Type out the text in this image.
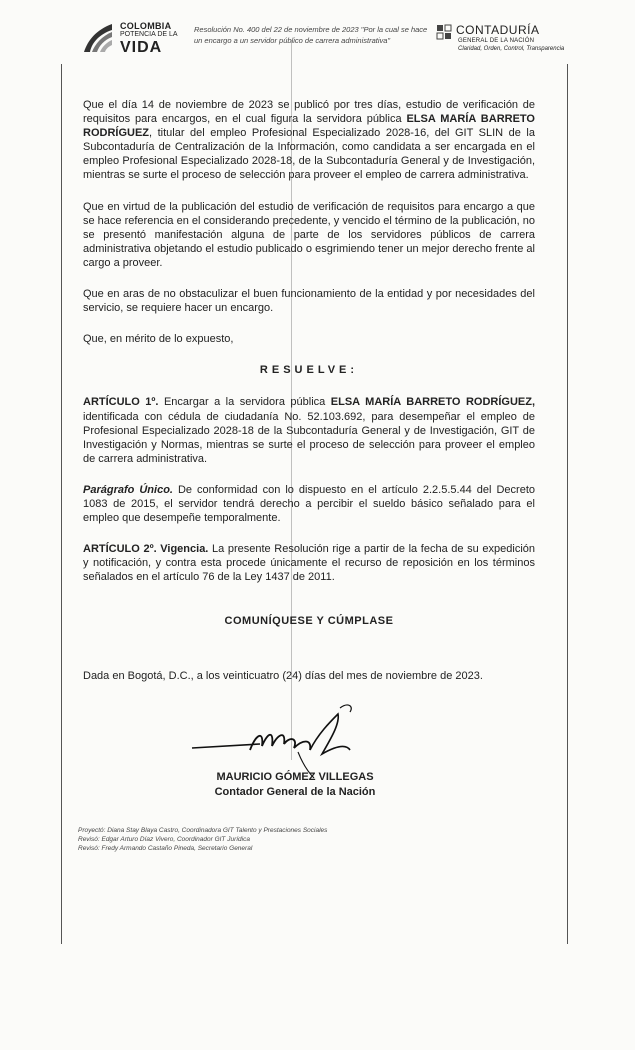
COLOMBIA
POTENCIA DE LA
VIDA
Resolución No. 400 del 22 de noviembre de 2023 "Por la cual se hace
un encargo a un servidor público de carrera administrativa"
CONTADURÍA
GENERAL DE LA NACIÓN
Claridad, Orden, Control, Transparencia

Que el día 14 de noviembre de 2023 se publicó por tres días, estudio de verificación de requisitos para encargos, en el cual figura la servidora pública ELSA MARÍA BARRETO RODRÍGUEZ, titular del empleo Profesional Especializado 2028-16, del GIT SLIN de la Subcontaduría de Centralización de la Información, como candidata a ser encargada en el empleo Profesional Especializado 2028-18, de la Subcontaduría General y de Investigación, mientras se surte el proceso de selección para proveer el empleo de carrera administrativa.

Que en virtud de la publicación del estudio de verificación de requisitos para encargo a que se hace referencia en el considerando precedente, y vencido el término de la publicación, no se presentó manifestación alguna de parte de los servidores públicos de carrera administrativa objetando el estudio publicado o esgrimiendo tener un mejor derecho frente al cargo a proveer.

Que en aras de no obstaculizar el buen funcionamiento de la entidad y por necesidades del servicio, se requiere hacer un encargo.

Que, en mérito de lo expuesto,

RESUELVE:

ARTÍCULO 1º. Encargar a la servidora pública ELSA MARÍA BARRETO RODRÍGUEZ, identificada con cédula de ciudadanía No. 52.103.692, para desempeñar el empleo de Profesional Especializado 2028-18 de la Subcontaduría General y de Investigación, GIT de Investigación y Normas, mientras se surte el proceso de selección para proveer el empleo de carrera administrativa.

Parágrafo Único. De conformidad con lo dispuesto en el artículo 2.2.5.5.44 del Decreto 1083 de 2015, el servidor tendrá derecho a percibir el sueldo básico señalado para el empleo que desempeñe temporalmente.

ARTÍCULO 2º. Vigencia. La presente Resolución rige a partir de la fecha de su expedición y notificación, y contra esta procede únicamente el recurso de reposición en los términos señalados en el artículo 76 de la Ley 1437 de 2011.

COMUNÍQUESE Y CÚMPLASE

Dada en Bogotá, D.C., a los veinticuatro (24) días del mes de noviembre de 2023.

MAURICIO GÓMEZ VILLEGAS
Contador General de la Nación
Proyectó: Diana Stay Blaya Castro, Coordinadora GIT Talento y Prestaciones Sociales
Revisó: Edgar Arturo Díaz Vivero, Coordinador GIT Jurídica
Revisó: Fredy Armando Castaño Pineda, Secretario General
